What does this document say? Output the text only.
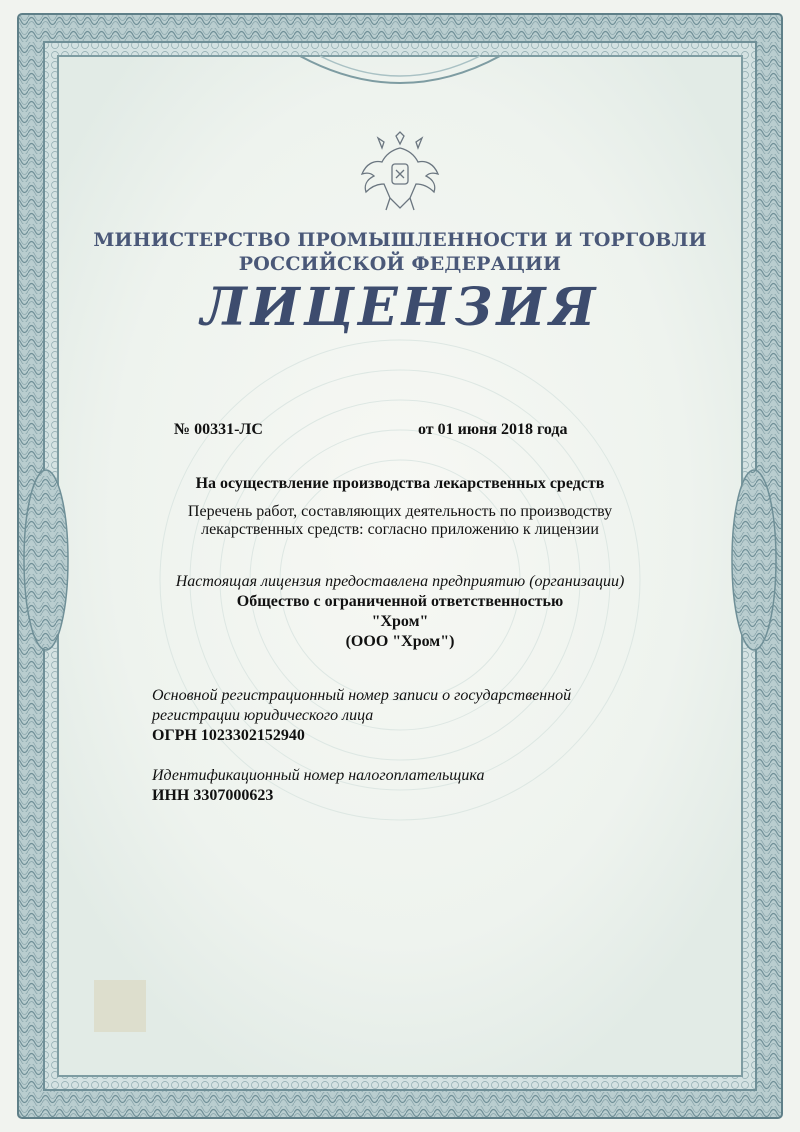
МИНИСТЕРСТВО ПРОМЫШЛЕННОСТИ И ТОРГОВЛИ
РОССИЙСКОЙ ФЕДЕРАЦИИ
ЛИЦЕНЗИЯ
№ 00331-ЛС	от 01 июня 2018 года
На осуществление производства лекарственных средств
Перечень работ, составляющих деятельность по производству
лекарственных средств: согласно приложению к лицензии
Настоящая лицензия предоставлена предприятию (организации)
Общество с ограниченной ответственностью
"Хром"
(ООО "Хром")
Основной регистрационный номер записи о государственной
регистрации юридического лица
ОГРН 1023302152940
Идентификационный номер налогоплательщика
ИНН 3307000623
